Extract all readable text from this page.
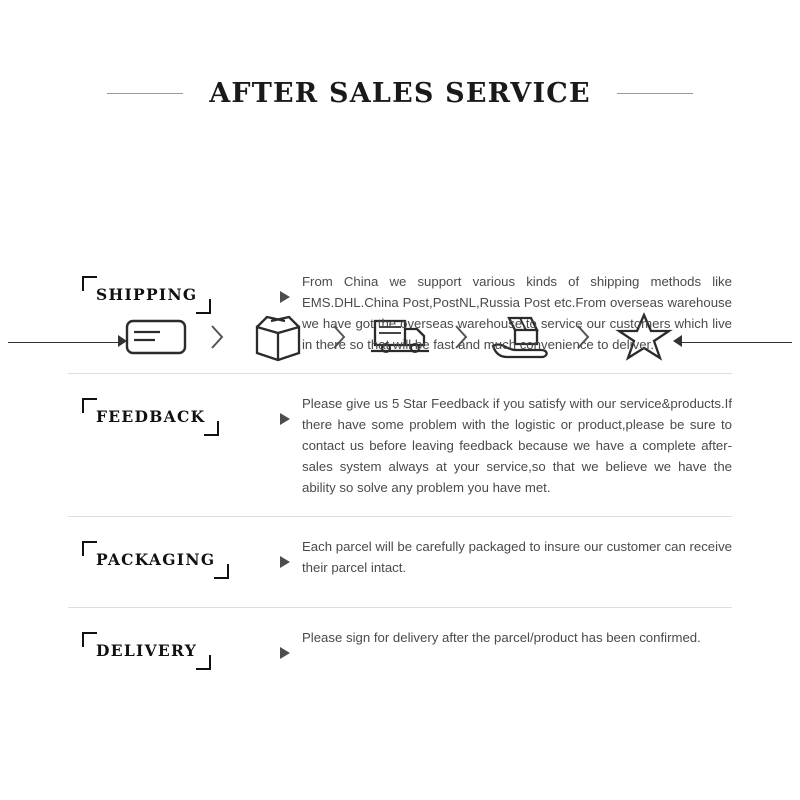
AFTER SALES SERVICE
SHIPPING

From China we support various kinds of shipping methods like EMS.DHL.China Post,PostNL,Russia Post etc.From overseas warehouse we have got the overseas warehouse,to service our customers which live in there so that will be fast and much convenience to deliver.

FEEDBACK

Please give us 5 Star Feedback if you satisfy with our service&products.If there have some problem with the logistic or product,please be sure to contact us before leaving feedback because we have a complete after-sales system always at your service,so that we believe we have the ability so solve any problem you have met.

PACKAGING

Each parcel will be carefully packaged to insure our customer can receive their parcel intact.

DELIVERY

Please sign for delivery after the parcel/product has been confirmed.
